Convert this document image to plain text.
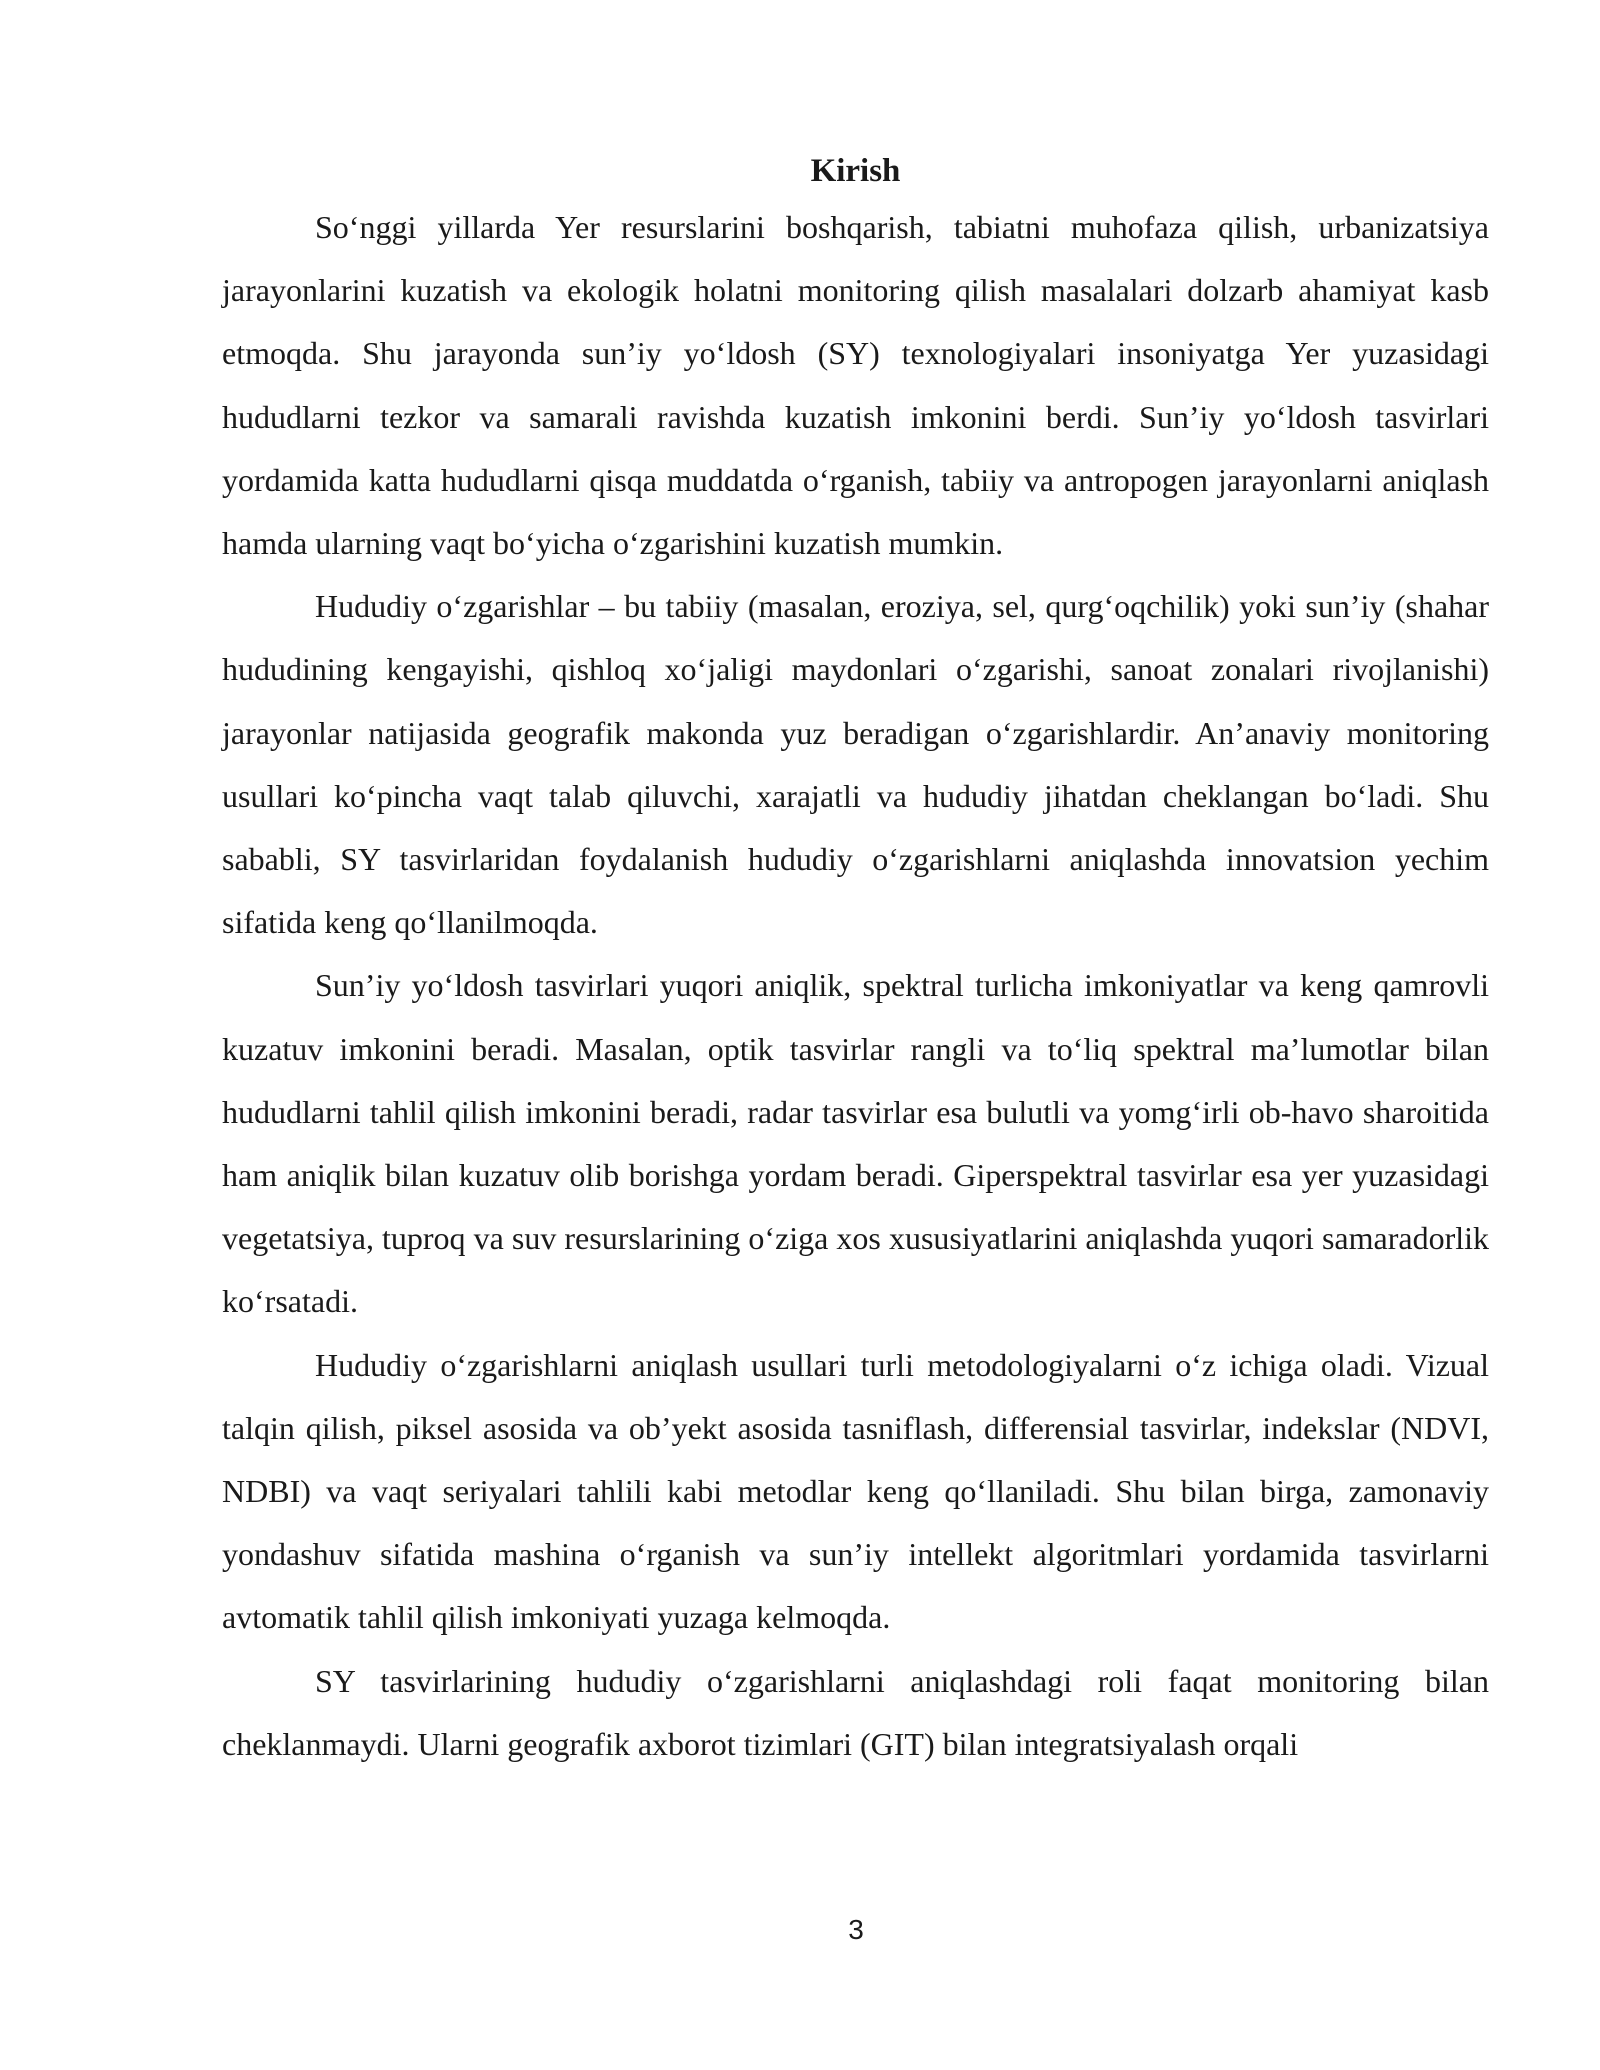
Kirish

So‘nggi yillarda Yer resurslarini boshqarish, tabiatni muhofaza qilish, urbanizatsiya jarayonlarini kuzatish va ekologik holatni monitoring qilish masalalari dolzarb ahamiyat kasb etmoqda. Shu jarayonda sun’iy yo‘ldosh (SY) texnologiyalari insoniyatga Yer yuzasidagi hududlarni tezkor va samarali ravishda kuzatish imkonini berdi. Sun’iy yo‘ldosh tasvirlari yordamida katta hududlarni qisqa muddatda o‘rganish, tabiiy va antropogen jarayonlarni aniqlash hamda ularning vaqt bo‘yicha o‘zgarishini kuzatish mumkin.

Hududiy o‘zgarishlar – bu tabiiy (masalan, eroziya, sel, qurg‘oqchilik) yoki sun’iy (shahar hududining kengayishi, qishloq xo‘jaligi maydonlari o‘zgarishi, sanoat zonalari rivojlanishi) jarayonlar natijasida geografik makonda yuz beradigan o‘zgarishlardir. An’anaviy monitoring usullari ko‘pincha vaqt talab qiluvchi, xarajatli va hududiy jihatdan cheklangan bo‘ladi. Shu sababli, SY tasvirlaridan foydalanish hududiy o‘zgarishlarni aniqlashda innovatsion yechim sifatida keng qo‘llanilmoqda.

Sun’iy yo‘ldosh tasvirlari yuqori aniqlik, spektral turlicha imkoniyatlar va keng qamrovli kuzatuv imkonini beradi. Masalan, optik tasvirlar rangli va to‘liq spektral ma’lumotlar bilan hududlarni tahlil qilish imkonini beradi, radar tasvirlar esa bulutli va yomg‘irli ob-havo sharoitida ham aniqlik bilan kuzatuv olib borishga yordam beradi. Giperspektral tasvirlar esa yer yuzasidagi vegetatsiya, tuproq va suv resurslarining o‘ziga xos xususiyatlarini aniqlashda yuqori samaradorlik ko‘rsatadi.

Hududiy o‘zgarishlarni aniqlash usullari turli metodologiyalarni o‘z ichiga oladi. Vizual talqin qilish, piksel asosida va ob’yekt asosida tasniflash, differensial tasvirlar, indekslar (NDVI, NDBI) va vaqt seriyalari tahlili kabi metodlar keng qo‘llaniladi. Shu bilan birga, zamonaviy yondashuv sifatida mashina o‘rganish va sun’iy intellekt algoritmlari yordamida tasvirlarni avtomatik tahlil qilish imkoniyati yuzaga kelmoqda.

SY tasvirlarining hududiy o‘zgarishlarni aniqlashdagi roli faqat monitoring bilan cheklanmaydi. Ularni geografik axborot tizimlari (GIT) bilan integratsiyalash orqali

3
